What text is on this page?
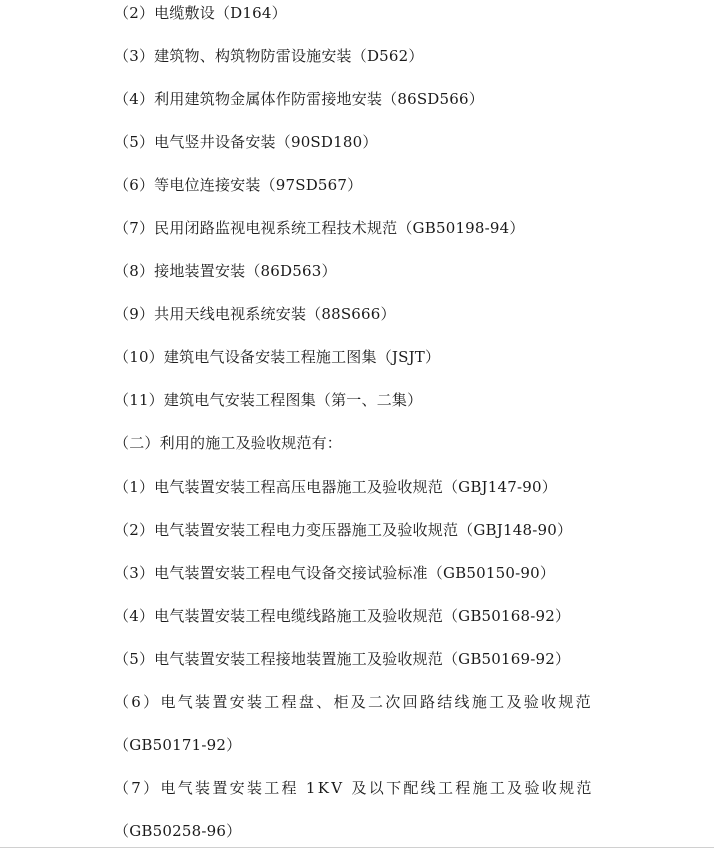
（2）电缆敷设（D164）
（3）建筑物、构筑物防雷设施安装（D562）
（4）利用建筑物金属体作防雷接地安装（86SD566）
（5）电气竖井设备安装（90SD180）
（6）等电位连接安装（97SD567）
（7）民用闭路监视电视系统工程技术规范（GB50198-94）
（8）接地装置安装（86D563）
（9）共用天线电视系统安装（88S666）
（10）建筑电气设备安装工程施工图集（JSJT）
（11）建筑电气安装工程图集（第一、二集）
（二）利用的施工及验收规范有：
（1）电气装置安装工程高压电器施工及验收规范（GBJ147-90）
（2）电气装置安装工程电力变压器施工及验收规范（GBJ148-90）
（3）电气装置安装工程电气设备交接试验标准（GB50150-90）
（4）电气装置安装工程电缆线路施工及验收规范（GB50168-92）
（5）电气装置安装工程接地装置施工及验收规范（GB50169-92）
（6）电气装置安装工程盘、柜及二次回路结线施工及验收规范
（GB50171-92）
（7）电气装置安装工程 1KV 及以下配线工程施工及验收规范
（GB50258-96）
